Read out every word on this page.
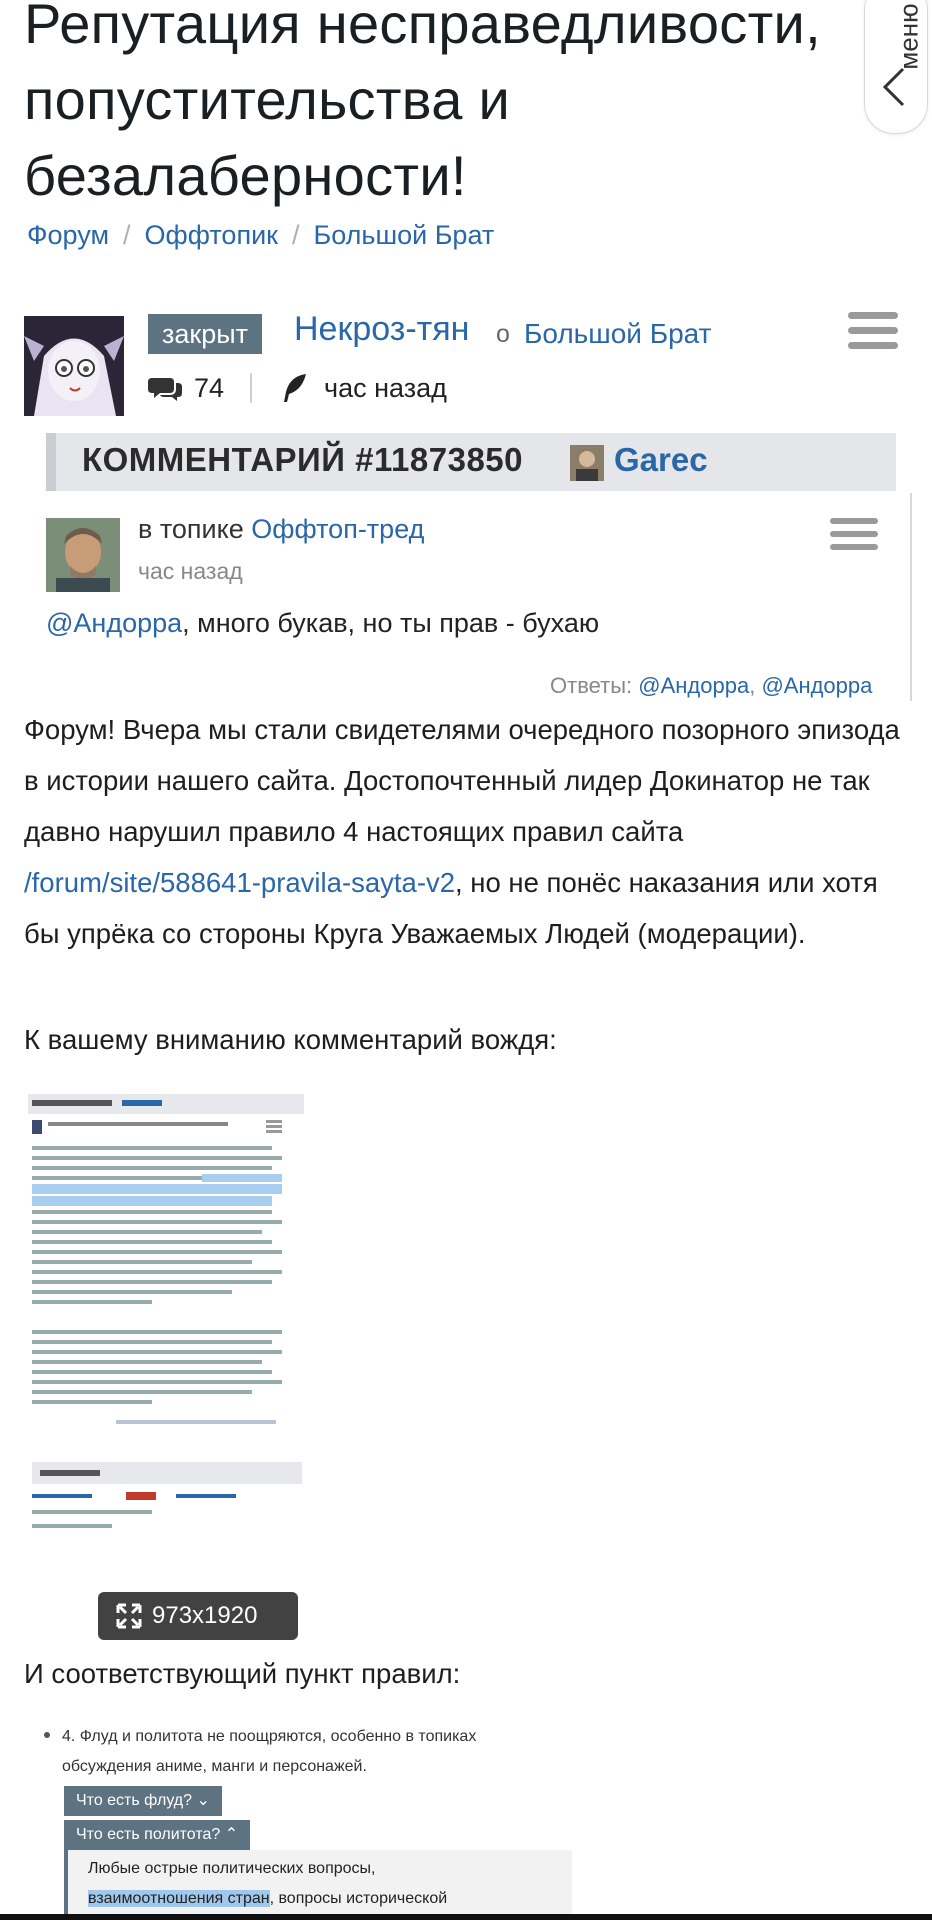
Репутация несправедливости, попустительства и безалаберности!
меню
Форум / Оффтопик / Большой Брат
закрыт	Некроз-тян о Большой Брат
74	час назад
КОММЕНТАРИЙ #11873850	Garec
в топике Оффтоп-тред
час назад
@Андорра, много букав, но ты прав - бухаю
Ответы: @Андорра, @Андорра

Форум! Вчера мы стали свидетелями очередного позорного эпизода в истории нашего сайта. Достопочтенный лидер Докинатор не так давно нарушил правило 4 настоящих правил сайта /forum/site/588641-pravila-sayta-v2, но не понёс наказания или хотя бы упрёка со стороны Круга Уважаемых Людей (модерации).

К вашему вниманию комментарий вождя:
973x1920
И соответствующий пункт правил:
4. Флуд и политота не поощряются, особенно в топиках
обсуждения аниме, манги и персонажей.
Что есть флуд? ⌄
Что есть политота? ⌃
Любые острые политических вопросы,
взаимоотношения стран, вопросы исторической
